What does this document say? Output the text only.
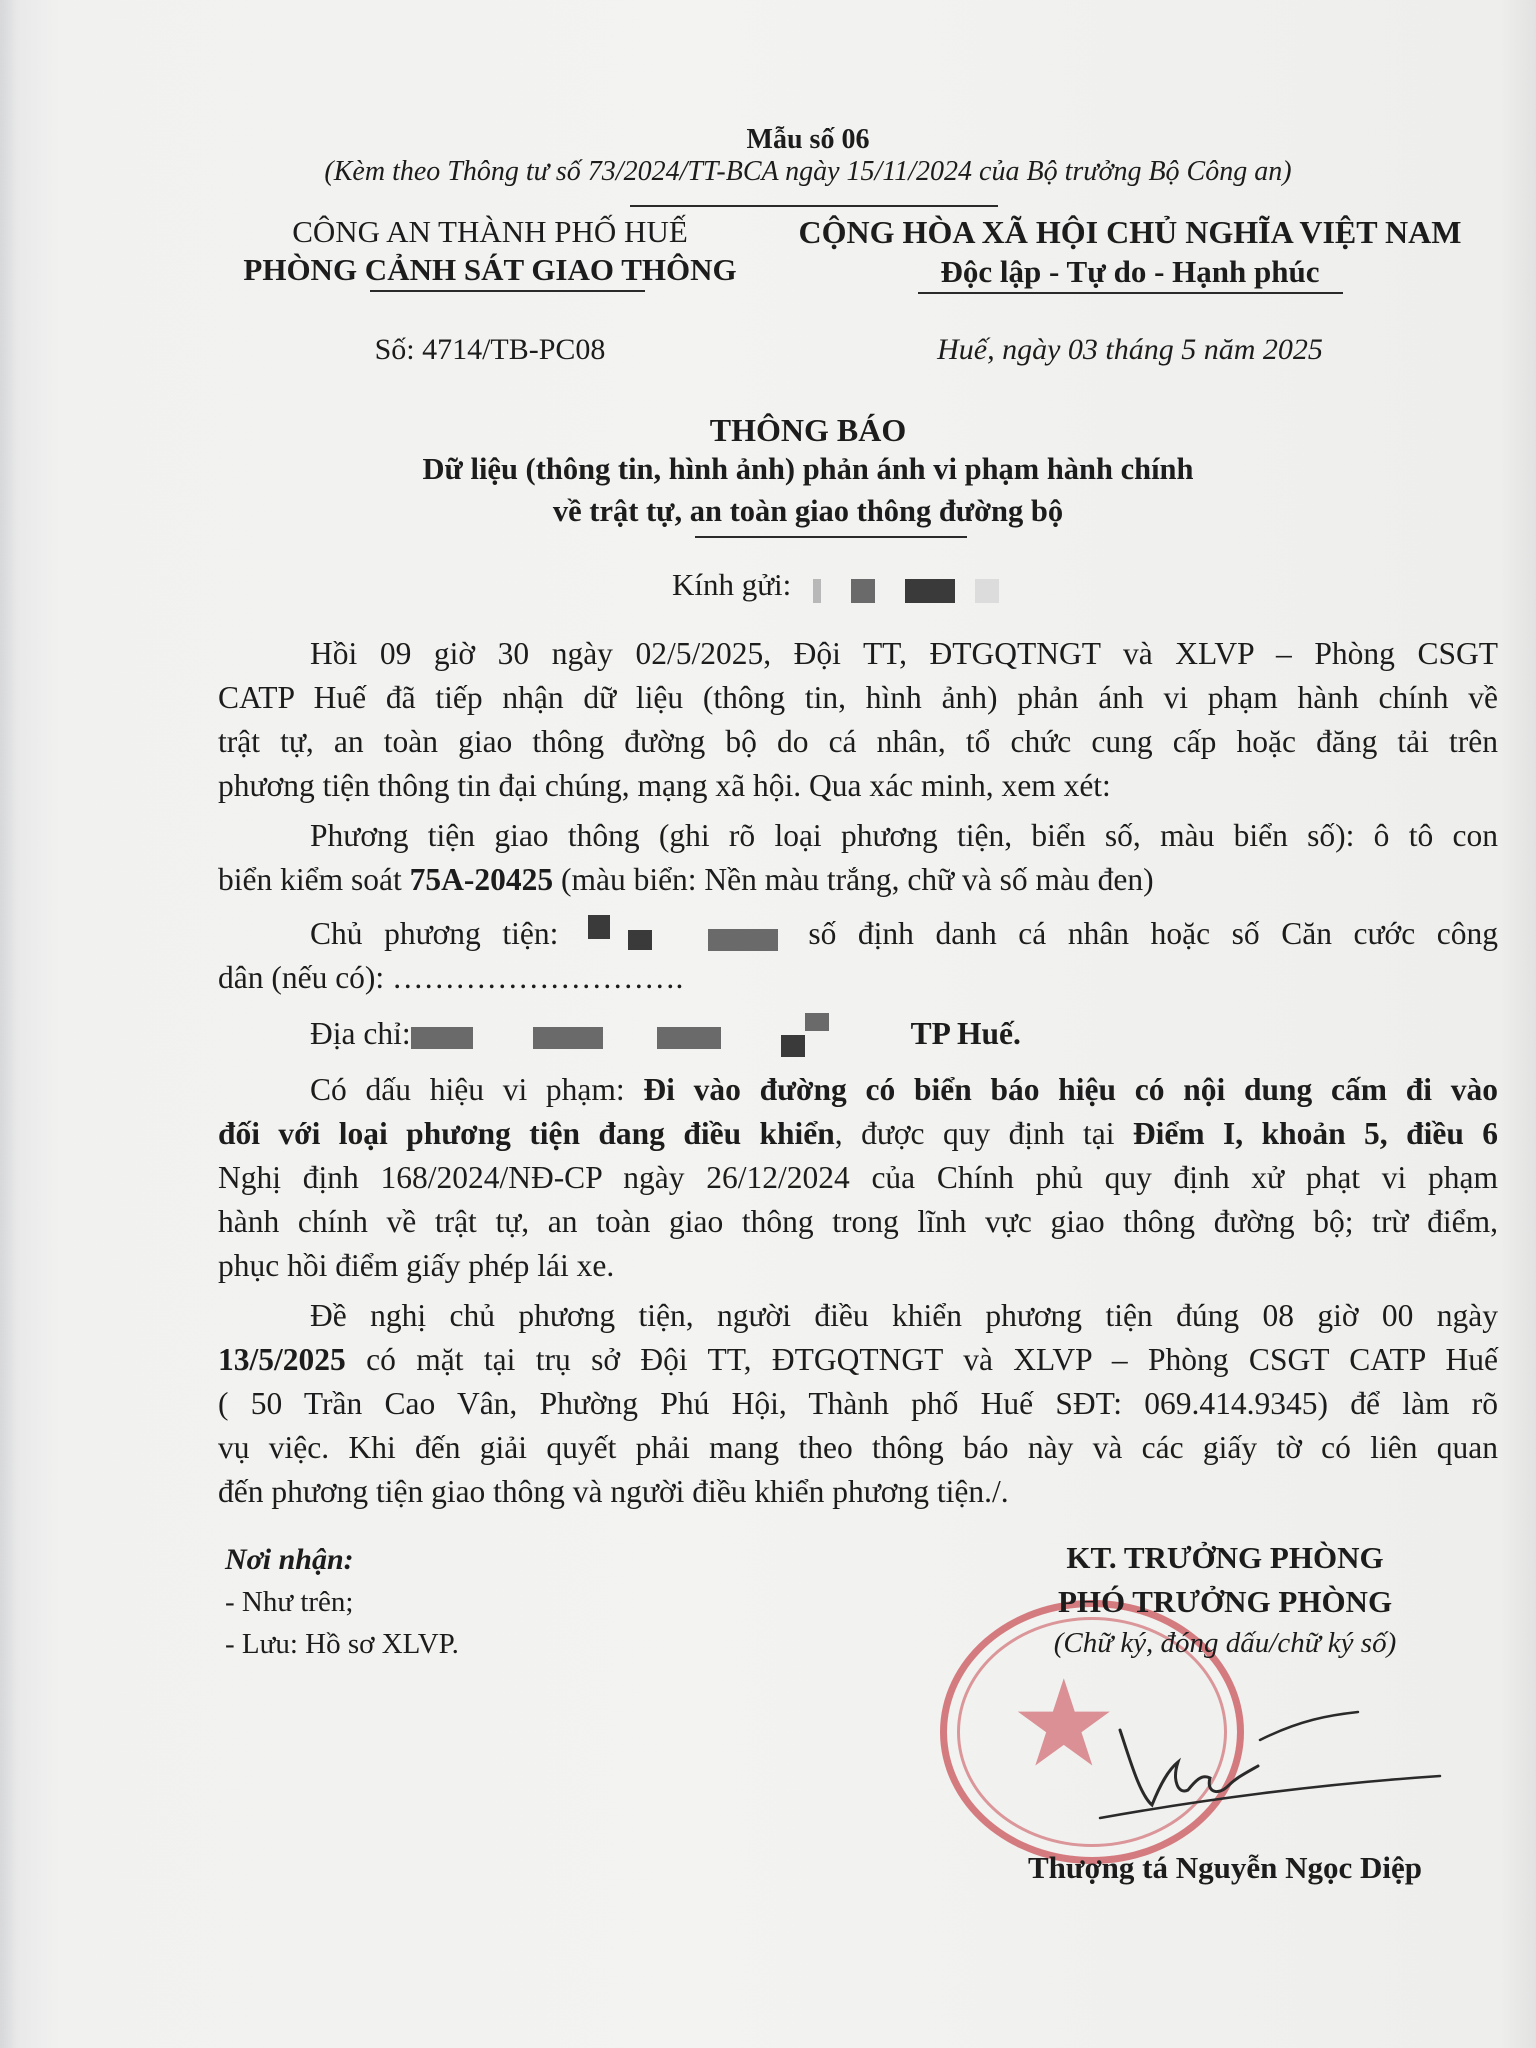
Mẫu số 06
(Kèm theo Thông tư số 73/2024/TT-BCA ngày 15/11/2024 của Bộ trưởng Bộ Công an)
CÔNG AN THÀNH PHỐ HUẾ
PHÒNG CẢNH SÁT GIAO THÔNG
CỘNG HÒA XÃ HỘI CHỦ NGHĨA VIỆT NAM
Độc lập - Tự do - Hạnh phúc
Số: 4714/TB-PC08	Huế, ngày 03 tháng 5 năm 2025
THÔNG BÁO
Dữ liệu (thông tin, hình ảnh) phản ánh vi phạm hành chính
về trật tự, an toàn giao thông đường bộ
Kính gửi:
Hồi 09 giờ 30 ngày 02/5/2025, Đội TT, ĐTGQTNGT và XLVP – Phòng CSGT
CATP Huế đã tiếp nhận dữ liệu (thông tin, hình ảnh) phản ánh vi phạm hành chính về
trật tự, an toàn giao thông đường bộ do cá nhân, tổ chức cung cấp hoặc đăng tải trên
phương tiện thông tin đại chúng, mạng xã hội. Qua xác minh, xem xét:
Phương tiện giao thông (ghi rõ loại phương tiện, biển số, màu biển số): ô tô con
biển kiểm soát 75A-20425 (màu biển: Nền màu trắng, chữ và số màu đen)
Chủ phương tiện:	số định danh cá nhân hoặc số Căn cước công
dân (nếu có): ……………………….
Địa chỉ:	TP Huế.
Có dấu hiệu vi phạm: Đi vào đường có biển báo hiệu có nội dung cấm đi vào
đối với loại phương tiện đang điều khiển, được quy định tại Điểm I, khoản 5, điều 6
Nghị định 168/2024/NĐ-CP ngày 26/12/2024 của Chính phủ quy định xử phạt vi phạm
hành chính về trật tự, an toàn giao thông trong lĩnh vực giao thông đường bộ; trừ điểm,
phục hồi điểm giấy phép lái xe.
Đề nghị chủ phương tiện, người điều khiển phương tiện đúng 08 giờ 00 ngày
13/5/2025 có mặt tại trụ sở Đội TT, ĐTGQTNGT và XLVP – Phòng CSGT CATP Huế
( 50 Trần Cao Vân, Phường Phú Hội, Thành phố Huế SĐT: 069.414.9345) để làm rõ
vụ việc. Khi đến giải quyết phải mang theo thông báo này và các giấy tờ có liên quan
đến phương tiện giao thông và người điều khiển phương tiện./.
Nơi nhận:
- Như trên;
- Lưu: Hồ sơ XLVP.
★
KT. TRƯỞNG PHÒNG
PHÓ TRƯỞNG PHÒNG
(Chữ ký, đóng dấu/chữ ký số)
Thượng tá Nguyễn Ngọc Diệp
